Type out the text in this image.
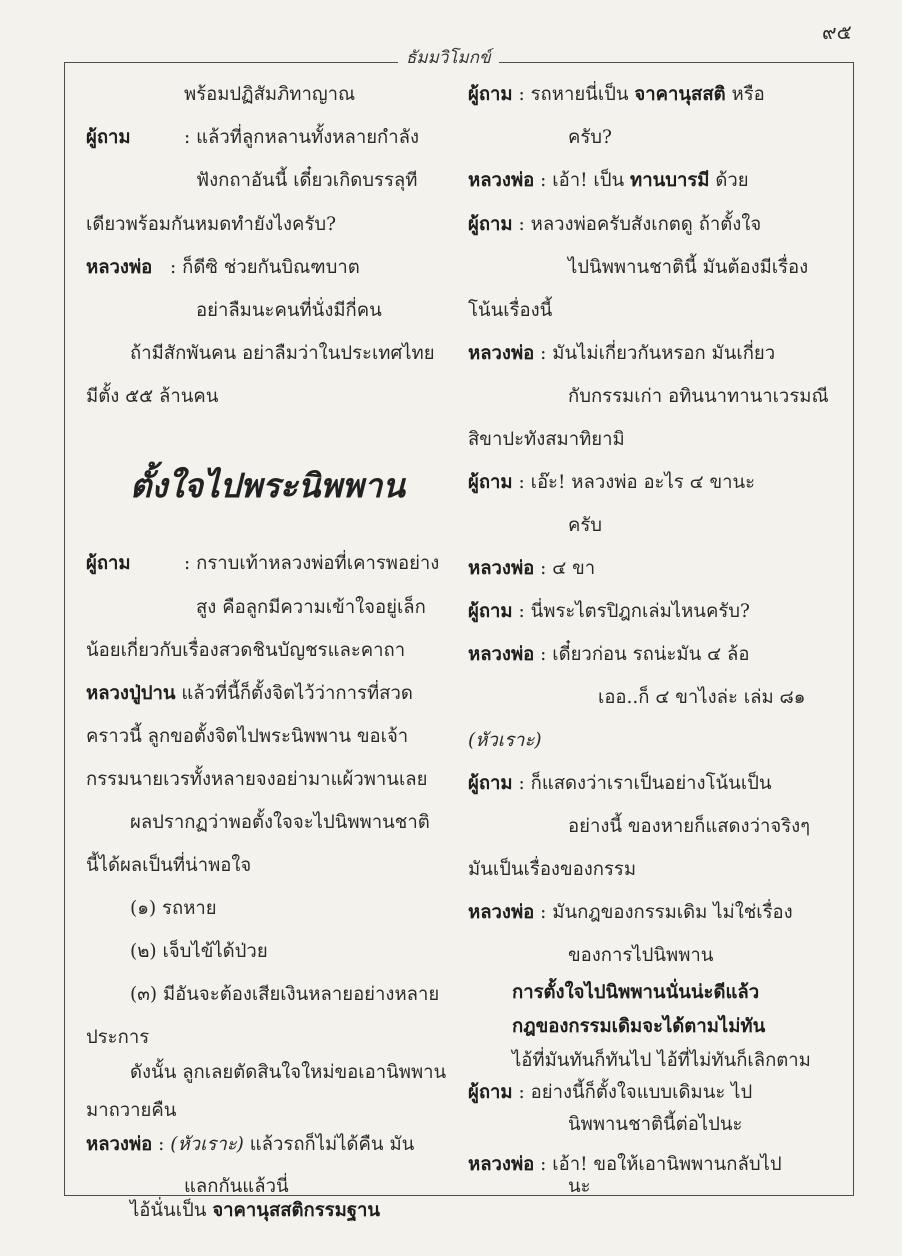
๙๕
ธัมมวิโมกข์
พร้อมปฏิสัมภิทาญาณ
ผู้ถาม	: แล้วที่ลูกหลานทั้งหลายกำลัง
ฟังกถาอันนี้ เดี๋ยวเกิดบรรลุที
เดียวพร้อมกันหมดทำยังไงครับ?
หลวงพ่อ : ก็ดีซิ ช่วยกันบิณฑบาต
อย่าลืมนะคนที่นั่งมีกี่คน
ถ้ามีสักพันคน อย่าลืมว่าในประเทศไทย
มีตั้ง ๕๕ ล้านคน
ตั้งใจไปพระนิพพาน
ผู้ถาม	: กราบเท้าหลวงพ่อที่เคารพอย่าง
สูง คือลูกมีความเข้าใจอยู่เล็ก
น้อยเกี่ยวกับเรื่องสวดชินบัญชรและคาถา
หลวงปู่ปาน แล้วที่นี้ก็ตั้งจิตไว้ว่าการที่สวด
คราวนี้ ลูกขอตั้งจิตไปพระนิพพาน ขอเจ้า
กรรมนายเวรทั้งหลายจงอย่ามาแผ้วพานเลย
ผลปรากฏว่าพอตั้งใจจะไปนิพพานชาติ
นี้ได้ผลเป็นที่น่าพอใจ
(๑) รถหาย
(๒) เจ็บไข้ได้ป่วย
(๓) มีอันจะต้องเสียเงินหลายอย่างหลาย
ประการ
ดังนั้น ลูกเลยตัดสินใจใหม่ขอเอานิพพาน
มาถวายคืน
หลวงพ่อ : (หัวเราะ) แล้วรถก็ไม่ได้คืน มัน
ผู้ถาม : รถหายนี่เป็น จาคานุสสติ หรือ
ครับ?
หลวงพ่อ : เอ้า! เป็น ทานบารมี ด้วย
ผู้ถาม : หลวงพ่อครับสังเกตดู ถ้าตั้งใจ
ไปนิพพานชาตินี้ มันต้องมีเรื่อง
โน้นเรื่องนี้
หลวงพ่อ : มันไม่เกี่ยวกันหรอก มันเกี่ยว
กับกรรมเก่า อทินนาทานาเวรมณี
สิขาปะทังสมาทิยามิ
ผู้ถาม : เอ๊ะ! หลวงพ่อ อะไร ๔ ขานะ
ครับ
หลวงพ่อ : ๔ ขา
ผู้ถาม : นี่พระไตรปิฎกเล่มไหนครับ?
หลวงพ่อ : เดี๋ยวก่อน รถน่ะมัน ๔ ล้อ
เออ..ก็ ๔ ขาไงล่ะ เล่ม ๘๑
(หัวเราะ)
ผู้ถาม : ก็แสดงว่าเราเป็นอย่างโน้นเป็น
อย่างนี้ ของหายก็แสดงว่าจริงๆ
มันเป็นเรื่องของกรรม
หลวงพ่อ : มันกฎของกรรมเดิม ไม่ใช่เรื่อง
ของการไปนิพพาน
การตั้งใจไปนิพพานนั่นน่ะดีแล้ว
กฎของกรรมเดิมจะได้ตามไม่ทัน
ไอ้ที่มันทันก็ทันไป ไอ้ที่ไม่ทันก็เลิกตาม
ผู้ถาม : อย่างนี้ก็ตั้งใจแบบเดิมนะ ไป
นิพพานชาตินี้ต่อไปนะ
แลกกันแล้วนี่
หลวงพ่อ : เอ้า! ขอให้เอานิพพานกลับไป
นะ
ไอ้นั่นเป็น จาคานุสสติกรรมฐาน
